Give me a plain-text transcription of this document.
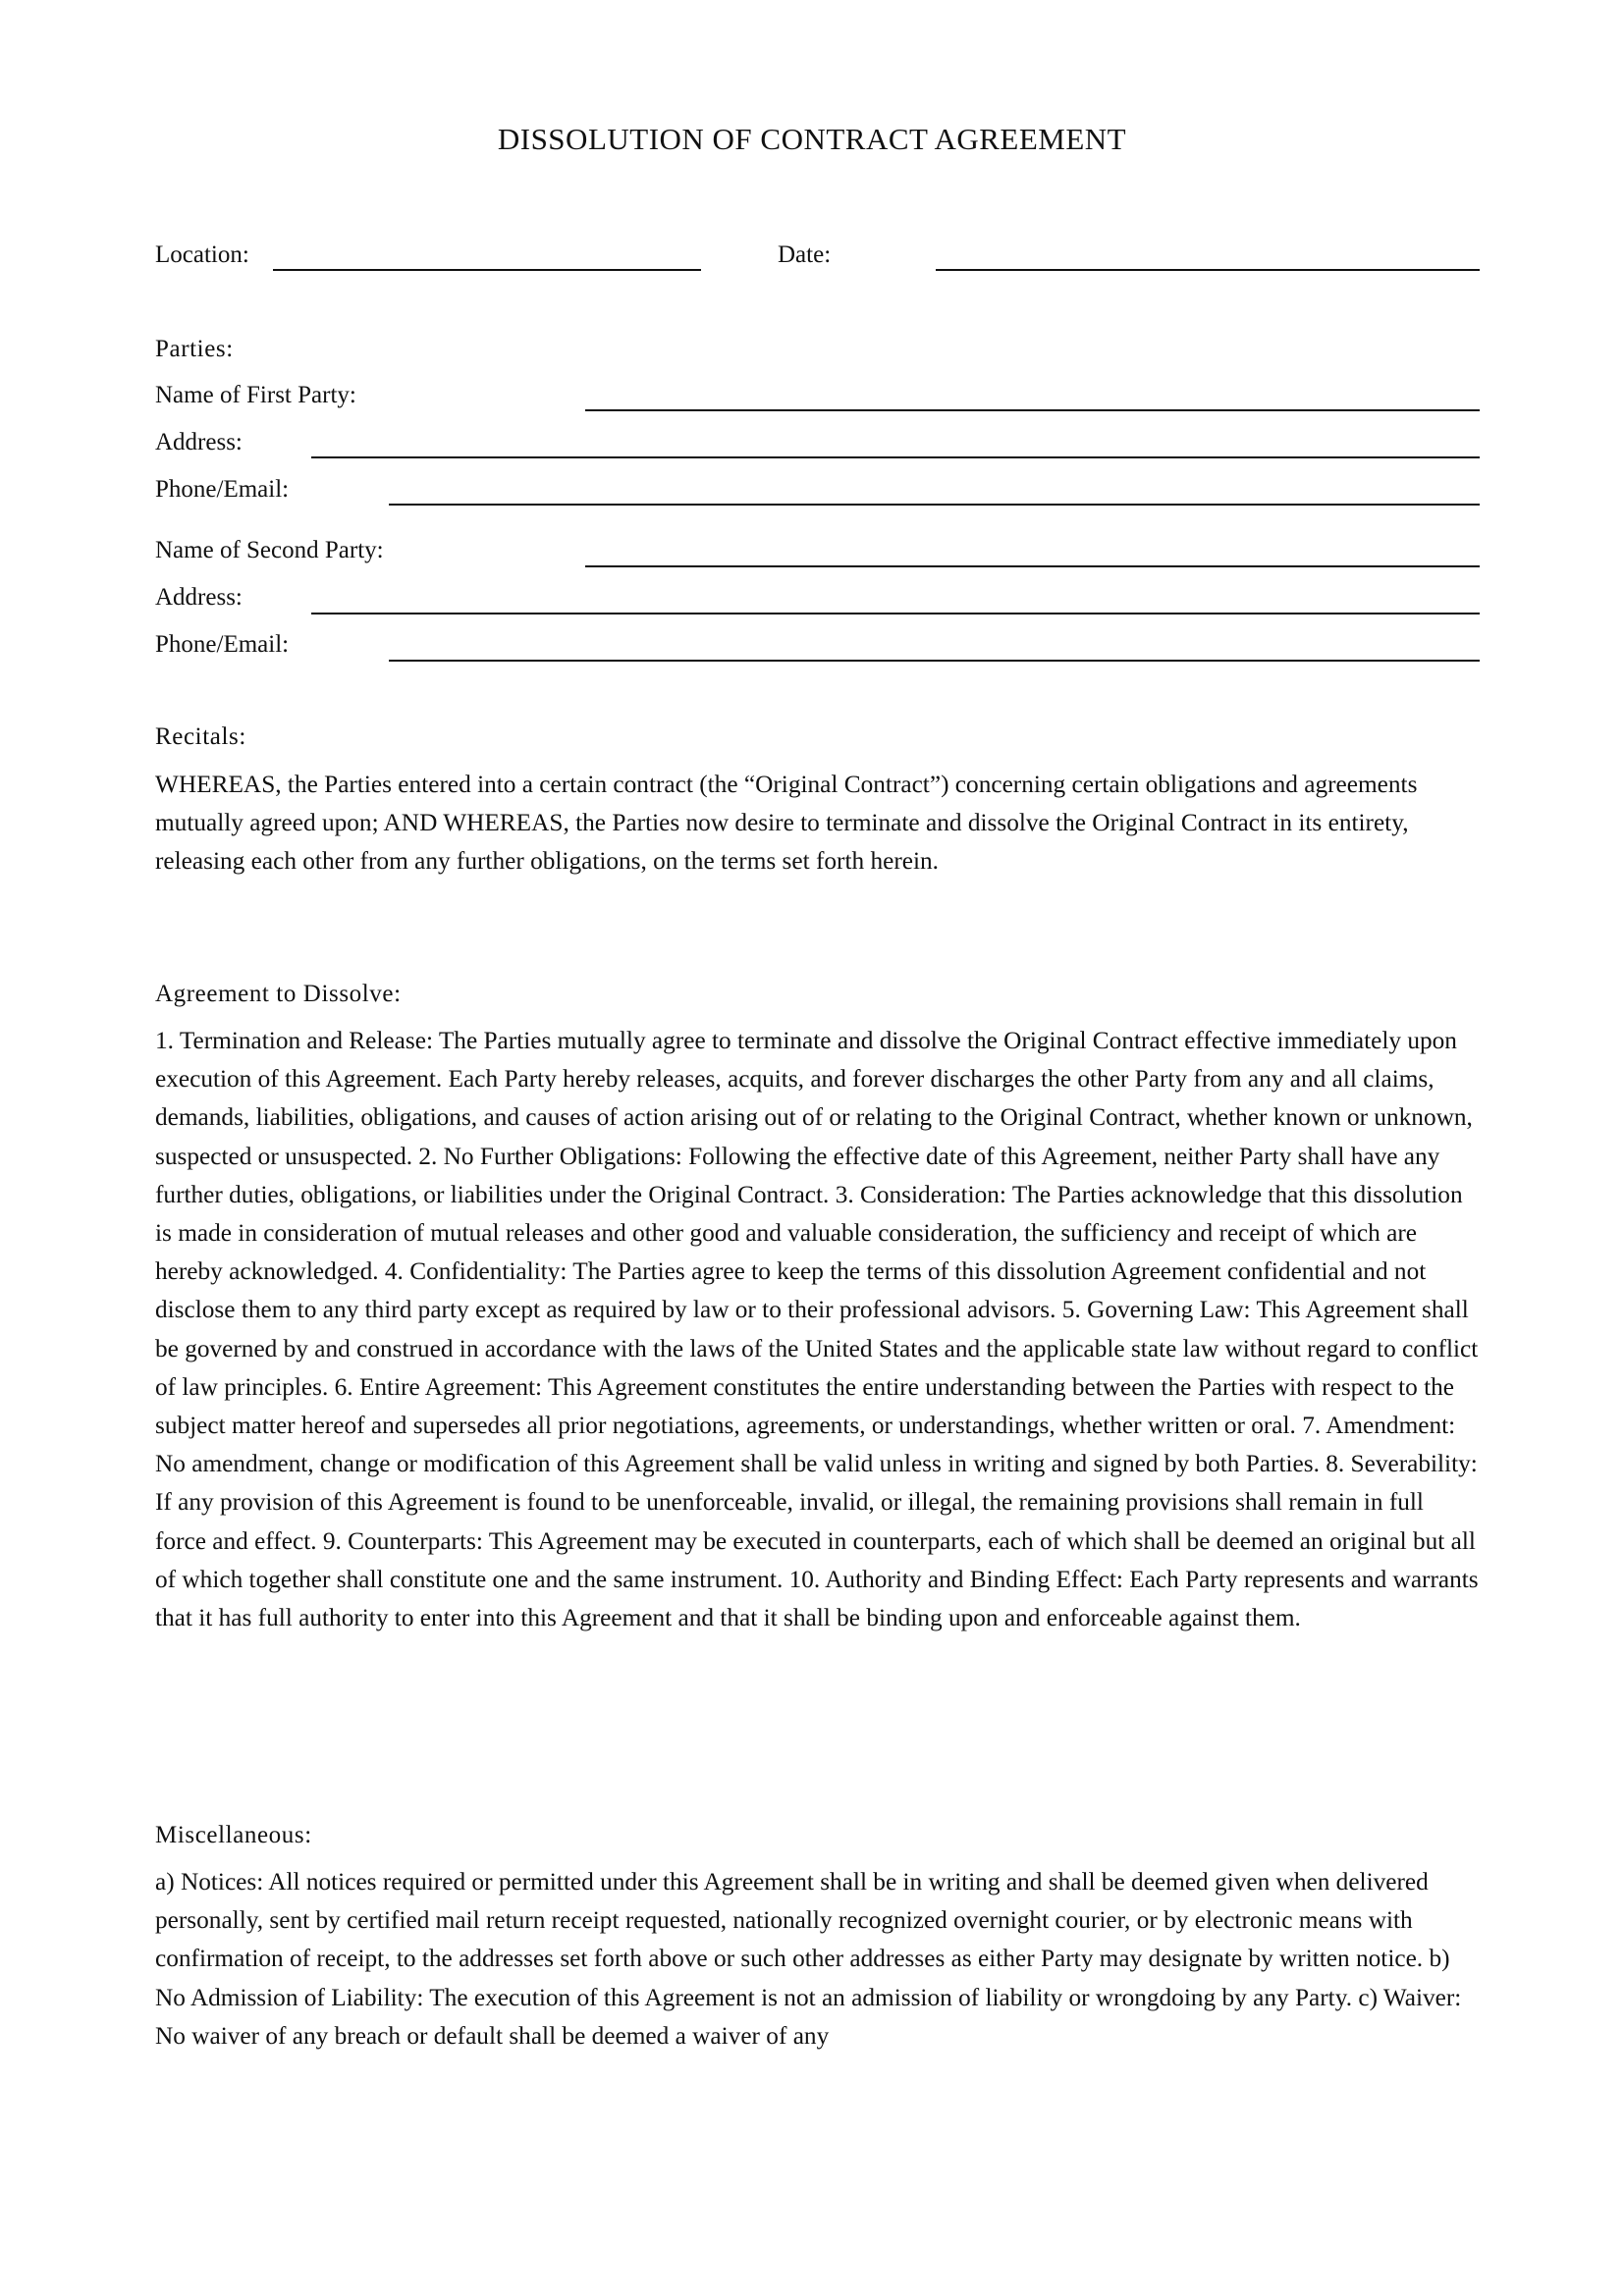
DISSOLUTION OF CONTRACT AGREEMENT
Location:	Date:
Parties:
Name of First Party:
Address:
Phone/Email:
Name of Second Party:
Address:
Phone/Email:
Recitals:

WHEREAS, the Parties entered into a certain contract (the “Original Contract”) concerning certain obligations and agreements mutually agreed upon; AND WHEREAS, the Parties now desire to terminate and dissolve the Original Contract in its entirety, releasing each other from any further obligations, on the terms set forth herein.

Agreement to Dissolve:

1. Termination and Release: The Parties mutually agree to terminate and dissolve the Original Contract effective immediately upon execution of this Agreement. Each Party hereby releases, acquits, and forever discharges the other Party from any and all claims, demands, liabilities, obligations, and causes of action arising out of or relating to the Original Contract, whether known or unknown, suspected or unsuspected. 2. No Further Obligations: Following the effective date of this Agreement, neither Party shall have any further duties, obligations, or liabilities under the Original Contract. 3. Consideration: The Parties acknowledge that this dissolution is made in consideration of mutual releases and other good and valuable consideration, the sufficiency and receipt of which are hereby acknowledged. 4. Confidentiality: The Parties agree to keep the terms of this dissolution Agreement confidential and not disclose them to any third party except as required by law or to their professional advisors. 5. Governing Law: This Agreement shall be governed by and construed in accordance with the laws of the United States and the applicable state law without regard to conflict of law principles. 6. Entire Agreement: This Agreement constitutes the entire understanding between the Parties with respect to the subject matter hereof and supersedes all prior negotiations, agreements, or understandings, whether written or oral. 7. Amendment: No amendment, change or modification of this Agreement shall be valid unless in writing and signed by both Parties. 8. Severability: If any provision of this Agreement is found to be unenforceable, invalid, or illegal, the remaining provisions shall remain in full force and effect. 9. Counterparts: This Agreement may be executed in counterparts, each of which shall be deemed an original but all of which together shall constitute one and the same instrument. 10. Authority and Binding Effect: Each Party represents and warrants that it has full authority to enter into this Agreement and that it shall be binding upon and enforceable against them.

Miscellaneous:

a) Notices: All notices required or permitted under this Agreement shall be in writing and shall be deemed given when delivered personally, sent by certified mail return receipt requested, nationally recognized overnight courier, or by electronic means with confirmation of receipt, to the addresses set forth above or such other addresses as either Party may designate by written notice. b) No Admission of Liability: The execution of this Agreement is not an admission of liability or wrongdoing by any Party. c) Waiver: No waiver of any breach or default shall be deemed a waiver of any
